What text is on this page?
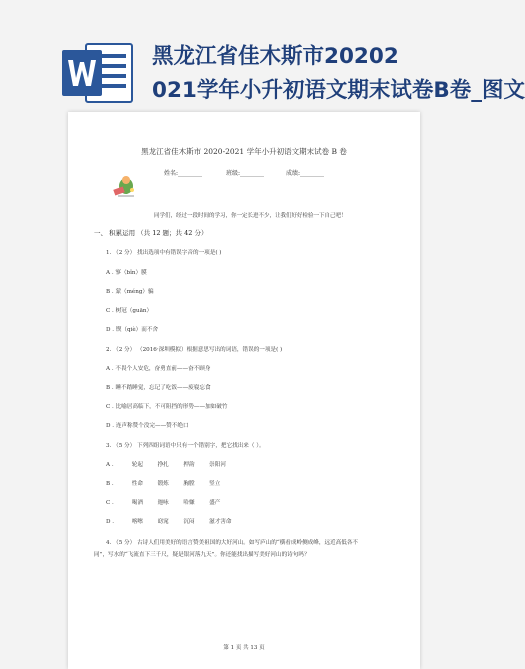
黑龙江省佳木斯市20202
021学年小升初语文期末试卷B卷_图文
黑龙江省佳木斯市 2020-2021 学年小升初语文期末试卷 B 卷
姓名:________	班级:________	成绩:________
同学们，经过一段时间的学习，你一定长进不少，让我们好好检验一下自己吧！
一、 积累运用 （共 12 题；共 42 分）
1. （2 分） 找出选项中有错误字音的一项是( )
A . 寥（bǐn）膜
B . 蒙（méng）骗
C . 树冠（guān）
D . 锲（qiè）而不舍
2. （2 分） （2016·深圳模拟）根据意思写出的词语，错误的一项是( )
A . 不畏个人安危，奋勇直前——奋不顾身
B . 睡不踏睡觉，忘记了吃饭——废寝忘食
C . 比喻居高临下，不可阻挡的形势——加如破竹
D . 连声称赞个没完——赞不绝口
3. （5 分） 下列四组词语中只有一个错别字，把它找出来（ ）。
A .	轮起	挣扎	押韵	崇阳河
B .	性命	锻炼	胸膛	竖立
C .	喝酒	迦咏	哈嫌	盛产
D .	喀嚓	窈窕	沉闷	滋才害命
4. （5 分） 古诗人们用美好的语言赞美祖国的大好河山。如写庐山的“横看成岭侧成峰，远近高低各不
同”，写水的“飞流直下三千尺，疑是银河落九天”。你还能找出描写美好河山的诗句吗？
第 1 页 共 13 页
